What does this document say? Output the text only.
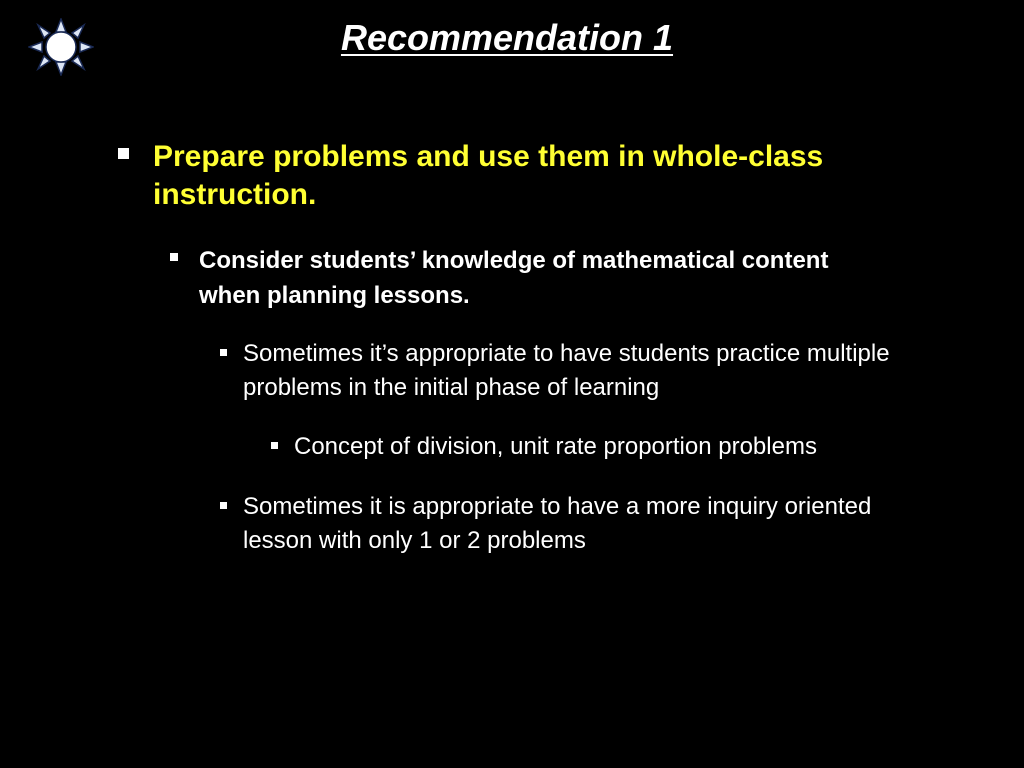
Recommendation 1
Prepare problems and use them in whole-class instruction.
Consider students’ knowledge of mathematical content when planning lessons.
Sometimes it’s appropriate to have students practice multiple problems in the initial phase of learning
Concept of division, unit rate proportion problems
Sometimes it is appropriate to have a more inquiry oriented lesson with only 1 or 2 problems
